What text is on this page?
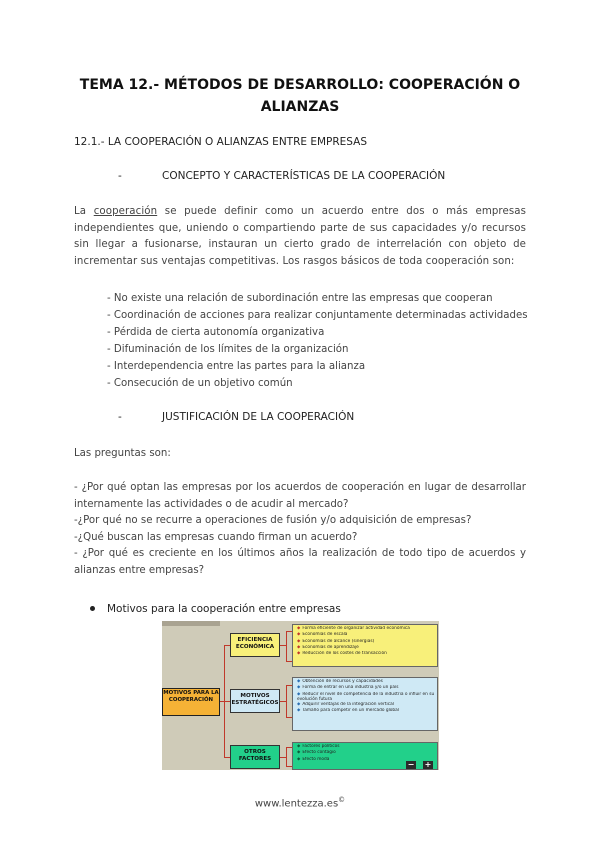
TEMA 12.- MÉTODOS DE DESARROLLO: COOPERACIÓN O
ALIANZAS
12.1.- LA COOPERACIÓN O ALIANZAS ENTRE EMPRESAS
-	CONCEPTO Y CARACTERÍSTICAS DE LA COOPERACIÓN
La cooperación se puede definir como un acuerdo entre dos o más empresas independientes que, uniendo o compartiendo parte de sus capacidades y/o recursos sin llegar a fusionarse, instauran un cierto grado de interrelación con objeto de incrementar sus ventajas competitivas. Los rasgos básicos de toda cooperación son:
- No existe una relación de subordinación entre las empresas que cooperan
- Coordinación de acciones para realizar conjuntamente determinadas actividades
- Pérdida de cierta autonomía organizativa
- Difuminación de los límites de la organización
- Interdependencia entre las partes para la alianza
- Consecución de un objetivo común
-	JUSTIFICACIÓN DE LA COOPERACIÓN
Las preguntas son:
- ¿Por qué optan las empresas por los acuerdos de cooperación en lugar de desarrollar internamente las actividades o de acudir al mercado?
-¿Por qué no se recurre a operaciones de fusión y/o adquisición de empresas?
-¿Qué buscan las empresas cuando firman un acuerdo?
- ¿Por qué es creciente en los últimos años la realización de todo tipo de acuerdos y alianzas entre empresas?
Motivos para la cooperación entre empresas
MOTIVOS PARA LA COOPERACIÓN
EFICIENCIA ECONÓMICA
MOTIVOS ESTRATÉGICOS
OTROS FACTORES
◆ Forma eficiente de organizar actividad económica
◆ Economías de escala
◆ Economías de alcance (sinergias)
◆ Economías de aprendizaje
◆ Reducción de los costes de transacción
◆ Obtención de recursos y capacidades
◆ Forma de entrar en una industria y/o un país
◆ Reducir el nivel de competencia de la industria o influir en su evolución futura
◆ Adquirir ventajas de la integración vertical
◆ Tamaño para competir en un mercado global
◆ Factores políticos
◆ Efecto contagio
◆ Efecto moda
− +
www.lentezza.es©
